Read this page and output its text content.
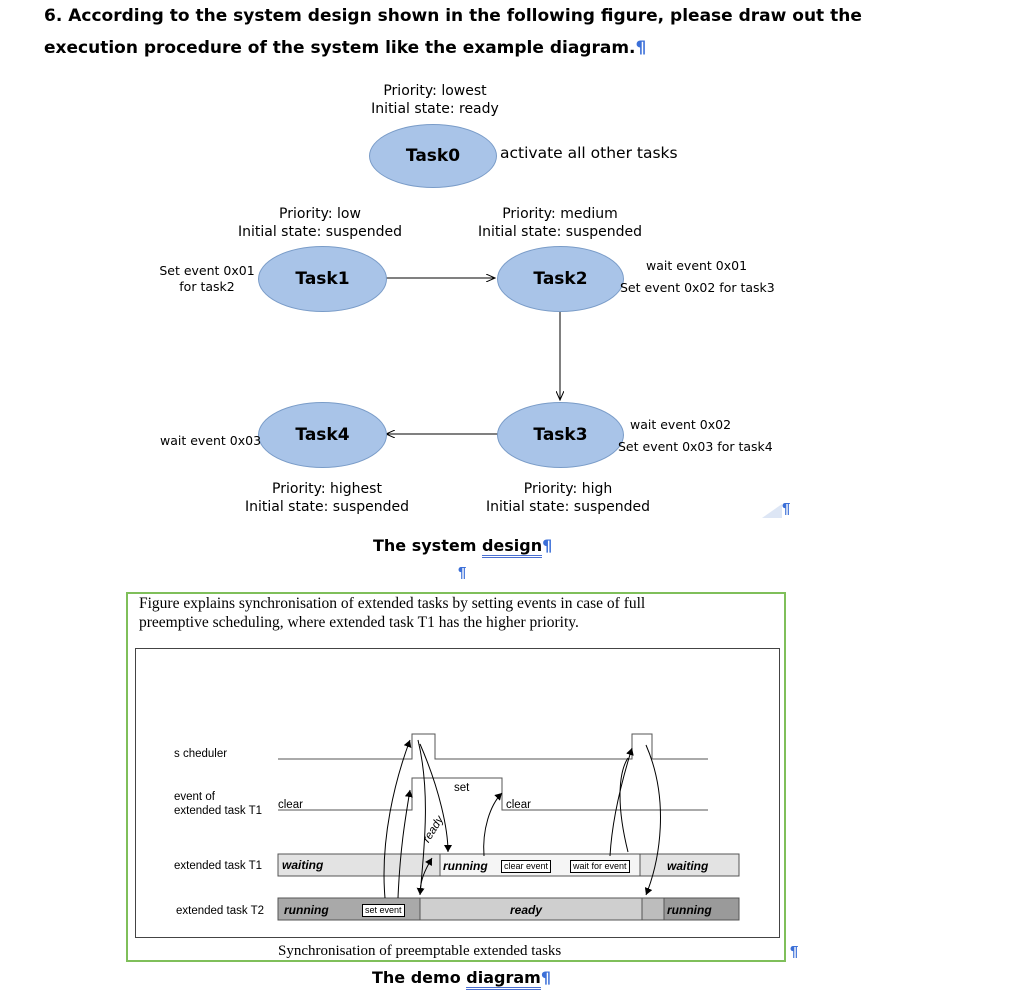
6. According to the system design shown in the following figure, please draw out the
execution procedure of the system like the example diagram.¶
Priority: lowest
Initial state: ready
Task0	activate all other tasks
Priority: low
Initial state: suspended
Task1
Set event 0x01
for task2
Priority: medium
Initial state: suspended
Task2
wait event 0x01
Set event 0x02 for task3
Task3
wait event 0x02
Set event 0x03 for task4
Priority: high
Initial state: suspended
Task4
wait event 0x03
Priority: highest
Initial state: suspended	¶
The system design¶
¶
Figure explains synchronisation of extended tasks by setting events in case of full
preemptive scheduling, where extended task T1 has the higher priority.
s cheduler
event of
extended task T1
extended task T1
extended task T2
clear
set
clear
ready
waiting	running	clear event	wait for event	waiting
running	set event	ready	running
Synchronisation of preemptable extended tasks	¶
The demo diagram¶
